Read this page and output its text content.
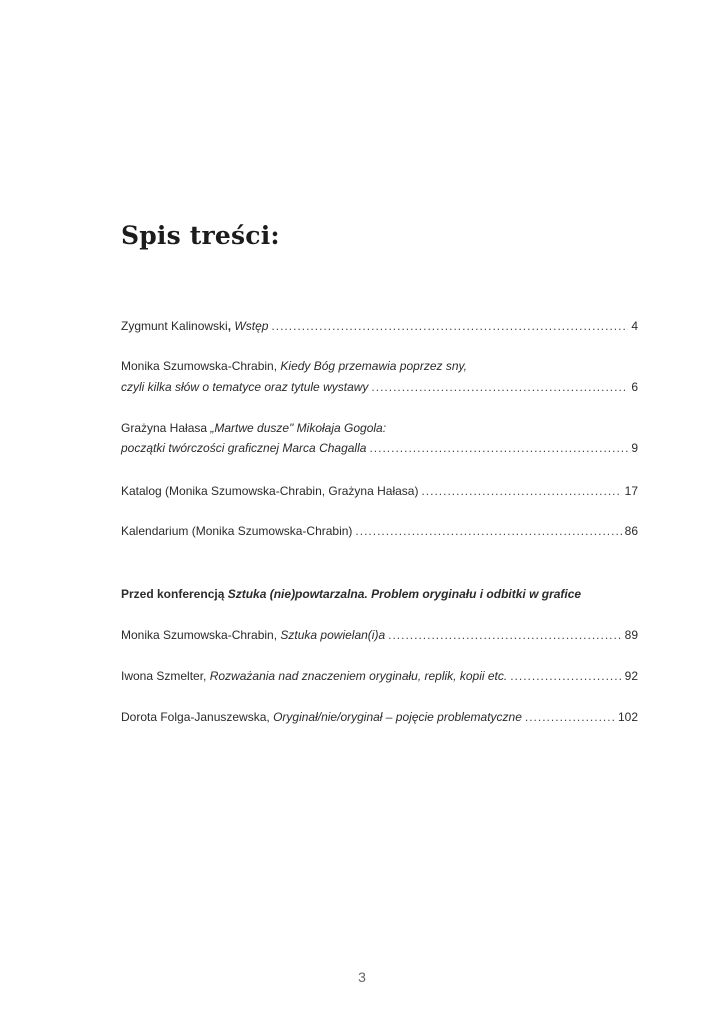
Spis treści:
Zygmunt Kalinowski, Wstęp .....	4
Monika Szumowska-Chrabin, Kiedy Bóg przemawia poprzez sny,
czyli kilka słów o tematyce oraz tytule wystawy .....	6
Grażyna Hałasa „Martwe dusze" Mikołaja Gogola:
początki twórczości graficznej Marca Chagalla .....	9
Katalog (Monika Szumowska-Chrabin, Grażyna Hałasa) .....	17
Kalendarium (Monika Szumowska-Chrabin) .....	86
Przed konferencją Sztuka (nie)powtarzalna. Problem oryginału i odbitki w grafice
Monika Szumowska-Chrabin, Sztuka powielan(i)a .....	89
Iwona Szmelter, Rozważania nad znaczeniem oryginału, replik, kopii etc. .....	92
Dorota Folga-Januszewska, Oryginał/nie/oryginał – pojęcie problematyczne .....	102
3
